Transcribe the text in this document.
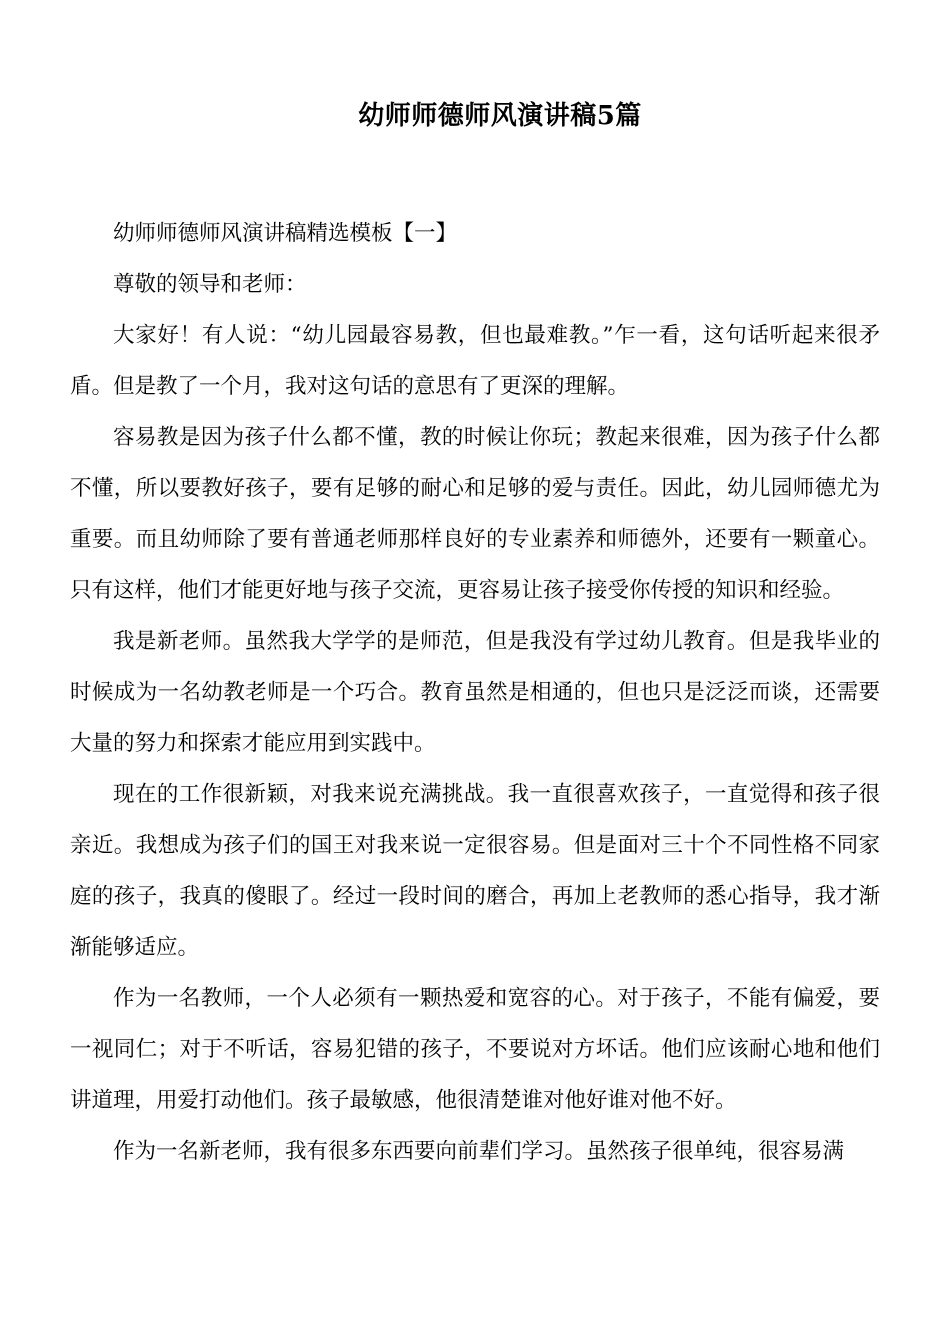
幼师师德师风演讲稿5篇

幼师师德师风演讲稿精选模板【一】

尊敬的领导和老师：

大家好！有人说：“幼儿园最容易教，但也最难教。”乍一看，这句话听起来很矛盾。但是教了一个月，我对这句话的意思有了更深的理解。

容易教是因为孩子什么都不懂，教的时候让你玩；教起来很难，因为孩子什么都不懂，所以要教好孩子，要有足够的耐心和足够的爱与责任。因此，幼儿园师德尤为重要。而且幼师除了要有普通老师那样良好的专业素养和师德外，还要有一颗童心。只有这样，他们才能更好地与孩子交流，更容易让孩子接受你传授的知识和经验。

我是新老师。虽然我大学学的是师范，但是我没有学过幼儿教育。但是我毕业的时候成为一名幼教老师是一个巧合。教育虽然是相通的，但也只是泛泛而谈，还需要大量的努力和探索才能应用到实践中。

现在的工作很新颖，对我来说充满挑战。我一直很喜欢孩子，一直觉得和孩子很亲近。我想成为孩子们的国王对我来说一定很容易。但是面对三十个不同性格不同家庭的孩子，我真的傻眼了。经过一段时间的磨合，再加上老教师的悉心指导，我才渐渐能够适应。

作为一名教师，一个人必须有一颗热爱和宽容的心。对于孩子，不能有偏爱，要一视同仁；对于不听话，容易犯错的孩子，不要说对方坏话。他们应该耐心地和他们讲道理，用爱打动他们。孩子最敏感，他很清楚谁对他好谁对他不好。

作为一名新老师，我有很多东西要向前辈们学习。虽然孩子很单纯，很容易满
